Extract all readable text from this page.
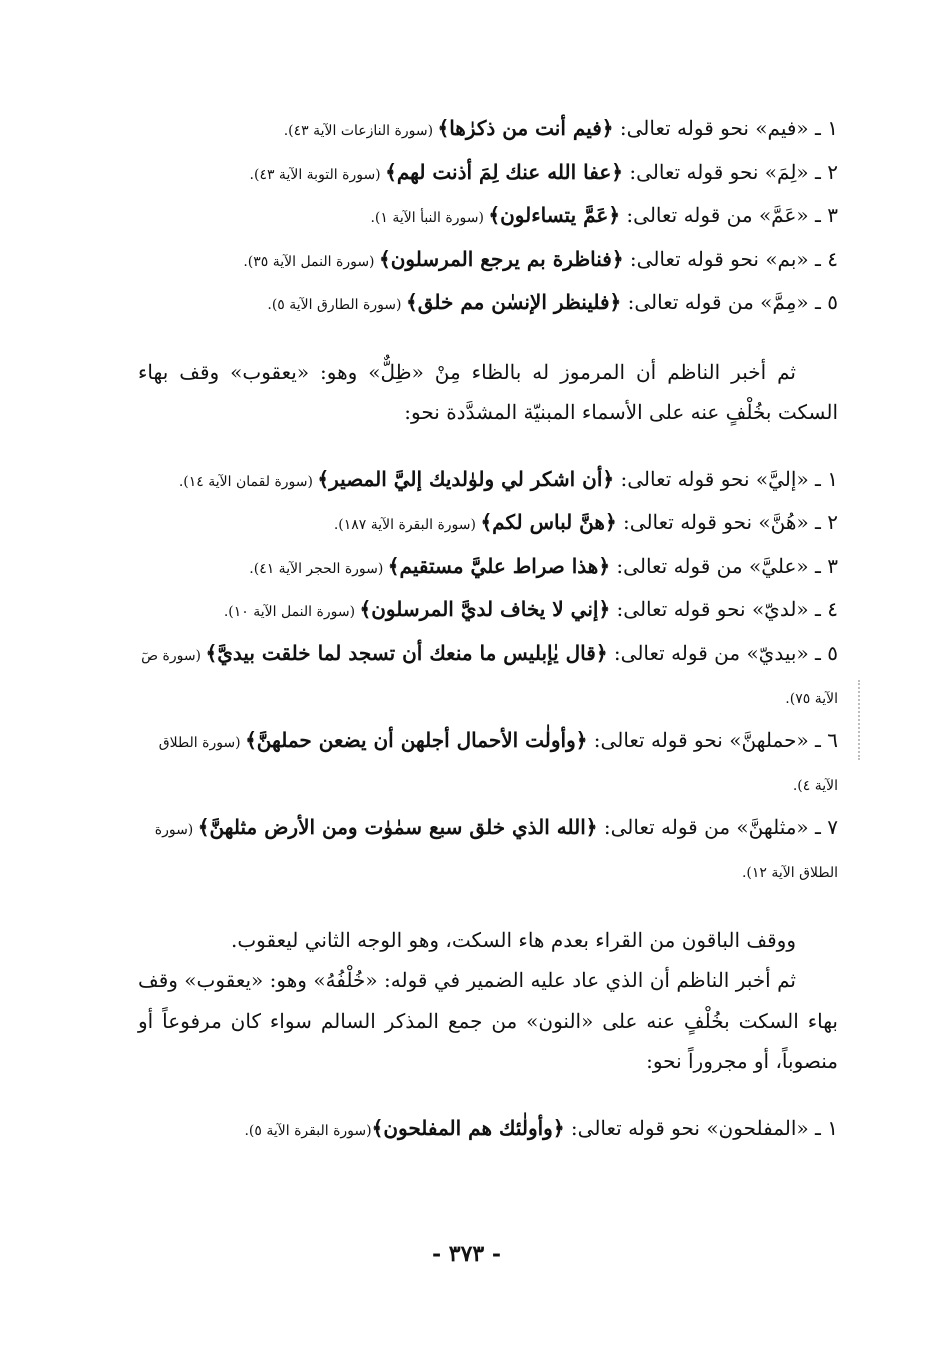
١ ـ «فيم» نحو قوله تعالى: ﴿فيم أنت من ذكرٰها﴾ (سورة النازعات الآية ٤٣).
٢ ـ «لِمَ» نحو قوله تعالى: ﴿عفا الله عنك لِمَ أذنت لهم﴾ (سورة التوبة الآية ٤٣).
٣ ـ «عَمَّ» من قوله تعالى: ﴿عَمَّ يتساءلون﴾ (سورة النبأ الآية ١).
٤ ـ «بم» نحو قوله تعالى: ﴿فناظرة بم يرجع المرسلون﴾ (سورة النمل الآية ٣٥).
٥ ـ «مِمَّ» من قوله تعالى: ﴿فلينظر الإنسٰن مم خلق﴾ (سورة الطارق الآية ٥).

ثم أخبر الناظم أن المرموز له بالظاء مِنْ «ظِلٌّ» وهو: «يعقوب» وقف بهاء السكت بخُلْفٍ عنه على الأسماء المبنيّة المشدَّدة نحو:

١ ـ «إليَّ» نحو قوله تعالى: ﴿أن اشكر لي ولوٰلديك إليَّ المصير﴾ (سورة لقمان الآية ١٤).
٢ ـ «هُنَّ» نحو قوله تعالى: ﴿هنَّ لباس لكم﴾ (سورة البقرة الآية ١٨٧).
٣ ـ «عليَّ» من قوله تعالى: ﴿هذا صراط عليَّ مستقيم﴾ (سورة الحجر الآية ٤١).
٤ ـ «لديّ» نحو قوله تعالى: ﴿إني لا يخاف لديَّ المرسلون﴾ (سورة النمل الآية ١٠).
٥ ـ «بيديّ» من قوله تعالى: ﴿قال يٰإبليس ما منعك أن تسجد لما خلقت بيديَّ﴾ (سورة صٓ الآية ٧٥).
٦ ـ «حملهنَّ» نحو قوله تعالى: ﴿وأولٰت الأحمال أجلهن أن يضعن حملهنَّ﴾ (سورة الطلاق الآية ٤).
٧ ـ «مثلهنَّ» من قوله تعالى: ﴿الله الذي خلق سبع سمٰوٰت ومن الأرض مثلهنَّ﴾ (سورة الطلاق الآية ١٢).

ووقف الباقون من القراء بعدم هاء السكت، وهو الوجه الثاني ليعقوب.

ثم أخبر الناظم أن الذي عاد عليه الضمير في قوله: «خُلْفُهُ» وهو: «يعقوب» وقف بهاء السكت بخُلْفٍ عنه على «النون» من جمع المذكر السالم سواء كان مرفوعاً أو منصوباً، أو مجروراً نحو:

١ ـ «المفلحون» نحو قوله تعالى: ﴿وأولٰئك هم المفلحون﴾(سورة البقرة الآية ٥).
- ٣٧٣ -
